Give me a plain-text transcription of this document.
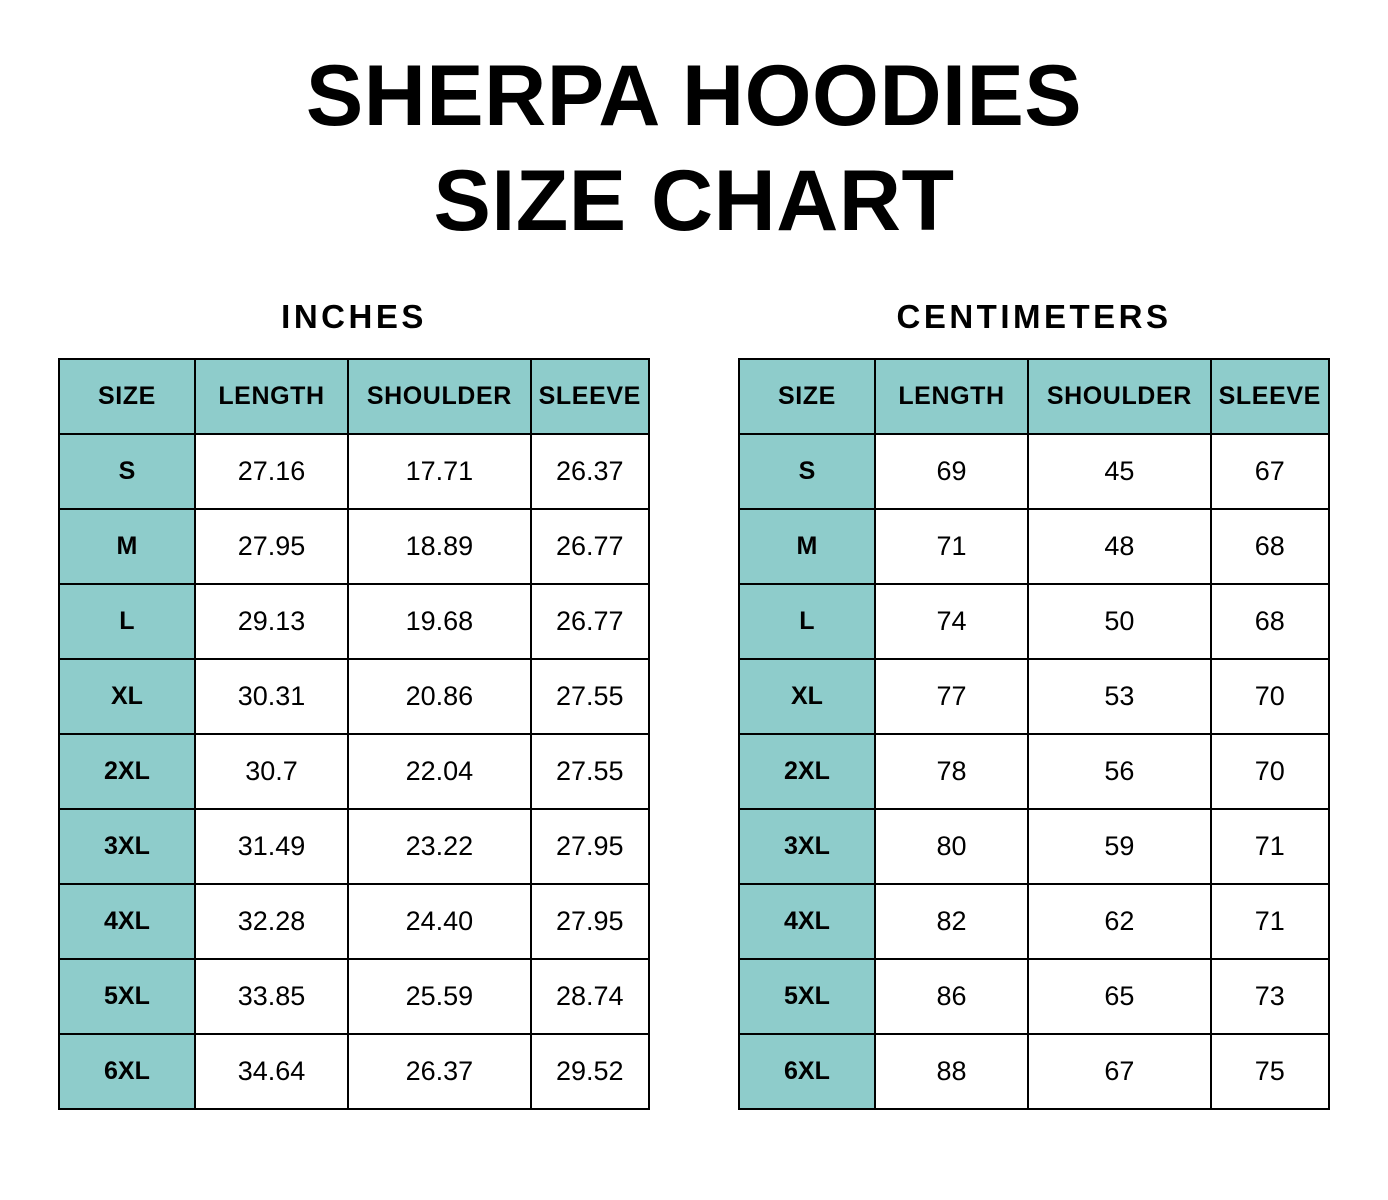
SHERPA HOODIES
SIZE CHART
INCHES
SIZE	LENGTH	SHOULDER	SLEEVE
S	27.16	17.71	26.37
M	27.95	18.89	26.77
L	29.13	19.68	26.77
XL	30.31	20.86	27.55
2XL	30.7	22.04	27.55
3XL	31.49	23.22	27.95
4XL	32.28	24.40	27.95
5XL	33.85	25.59	28.74
6XL	34.64	26.37	29.52
CENTIMETERS
SIZE	LENGTH	SHOULDER	SLEEVE
S	69	45	67
M	71	48	68
L	74	50	68
XL	77	53	70
2XL	78	56	70
3XL	80	59	71
4XL	82	62	71
5XL	86	65	73
6XL	88	67	75
